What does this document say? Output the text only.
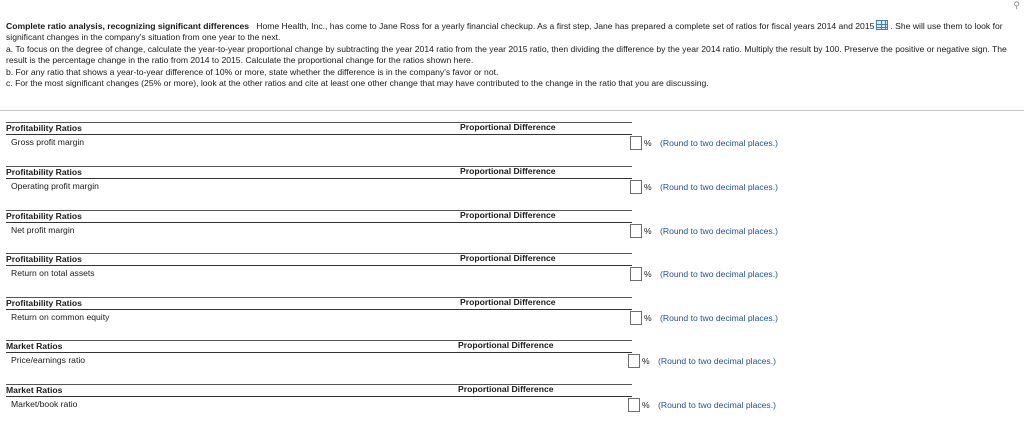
⚲

Complete ratio analysis, recognizing significant differences Home Health, Inc., has come to Jane Ross for a yearly financial checkup. As a first step, Jane has prepared a complete set of ratios for fiscal years 2014 and 2015 . She will use them to look for significant changes in the company's situation from one year to the next.

a. To focus on the degree of change, calculate the year-to-year proportional change by subtracting the year 2014 ratio from the year 2015 ratio, then dividing the difference by the year 2014 ratio. Multiply the result by 100. Preserve the positive or negative sign. The result is the percentage change in the ratio from 2014 to 2015. Calculate the proportional change for the ratios shown here.

b. For any ratio that shows a year-to-year difference of 10% or more, state whether the difference is in the company's favor or not.

c. For the most significant changes (25% or more), look at the other ratios and cite at least one other change that may have contributed to the change in the ratio that you are discussing.

Profitability Ratios	Proportional Difference
Gross profit margin	% (Round to two decimal places.)
Profitability Ratios	Proportional Difference
Operating profit margin	% (Round to two decimal places.)
Profitability Ratios	Proportional Difference
Net profit margin	% (Round to two decimal places.)
Profitability Ratios	Proportional Difference
Return on total assets	% (Round to two decimal places.)
Profitability Ratios	Proportional Difference
Return on common equity	% (Round to two decimal places.)
Market Ratios	Proportional Difference
Price/earnings ratio	% (Round to two decimal places.)
Market Ratios	Proportional Difference
Market/book ratio	% (Round to two decimal places.)
